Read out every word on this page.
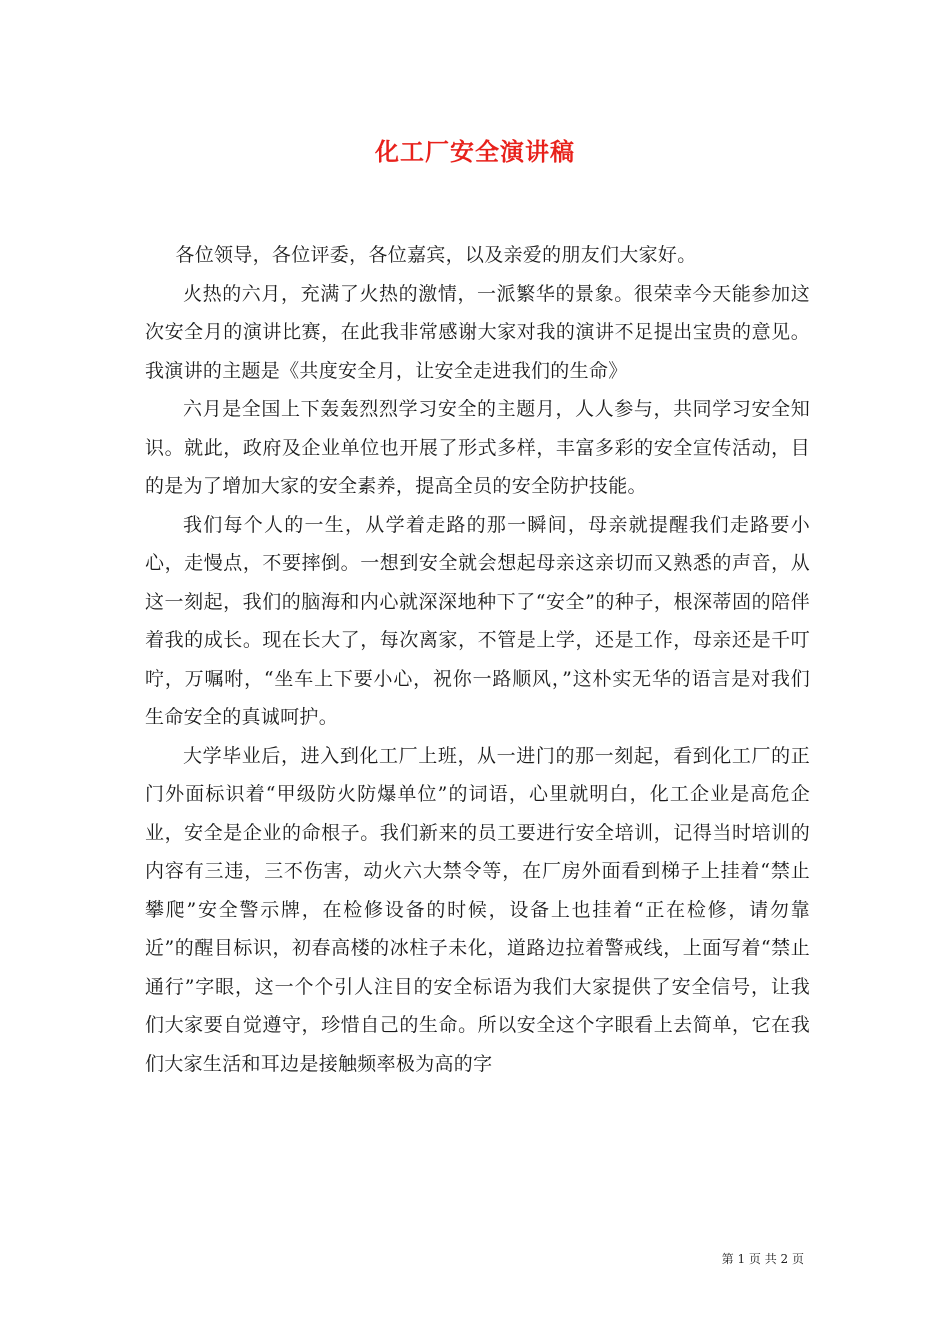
化工厂安全演讲稿

各位领导，各位评委，各位嘉宾，以及亲爱的朋友们大家好。

火热的六月，充满了火热的激情，一派繁华的景象。很荣幸今天能参加这次安全月的演讲比赛，在此我非常感谢大家对我的演讲不足提出宝贵的意见。我演讲的主题是《共度安全月，让安全走进我们的生命》

六月是全国上下轰轰烈烈学习安全的主题月，人人参与，共同学习安全知识。就此，政府及企业单位也开展了形式多样，丰富多彩的安全宣传活动，目的是为了增加大家的安全素养，提高全员的安全防护技能。

我们每个人的一生，从学着走路的那一瞬间，母亲就提醒我们走路要小心，走慢点，不要摔倒。一想到安全就会想起母亲这亲切而又熟悉的声音，从这一刻起，我们的脑海和内心就深深地种下了“安全”的种子，根深蒂固的陪伴着我的成长。现在长大了，每次离家，不管是上学，还是工作，母亲还是千叮咛，万嘱咐，“坐车上下要小心，祝你一路顺风，”这朴实无华的语言是对我们生命安全的真诚呵护。

大学毕业后，进入到化工厂上班，从一进门的那一刻起，看到化工厂的正门外面标识着“甲级防火防爆单位”的词语，心里就明白，化工企业是高危企业，安全是企业的命根子。我们新来的员工要进行安全培训，记得当时培训的内容有三违，三不伤害，动火六大禁令等，在厂房外面看到梯子上挂着“禁止攀爬”安全警示牌，在检修设备的时候，设备上也挂着“正在检修，请勿靠近”的醒目标识，初春高楼的冰柱子未化，道路边拉着警戒线，上面写着“禁止通行”字眼，这一个个引人注目的安全标语为我们大家提供了安全信号，让我们大家要自觉遵守，珍惜自己的生命。所以安全这个字眼看上去简单，它在我们大家生活和耳边是接触频率极为高的字

第 1 页 共 2 页
